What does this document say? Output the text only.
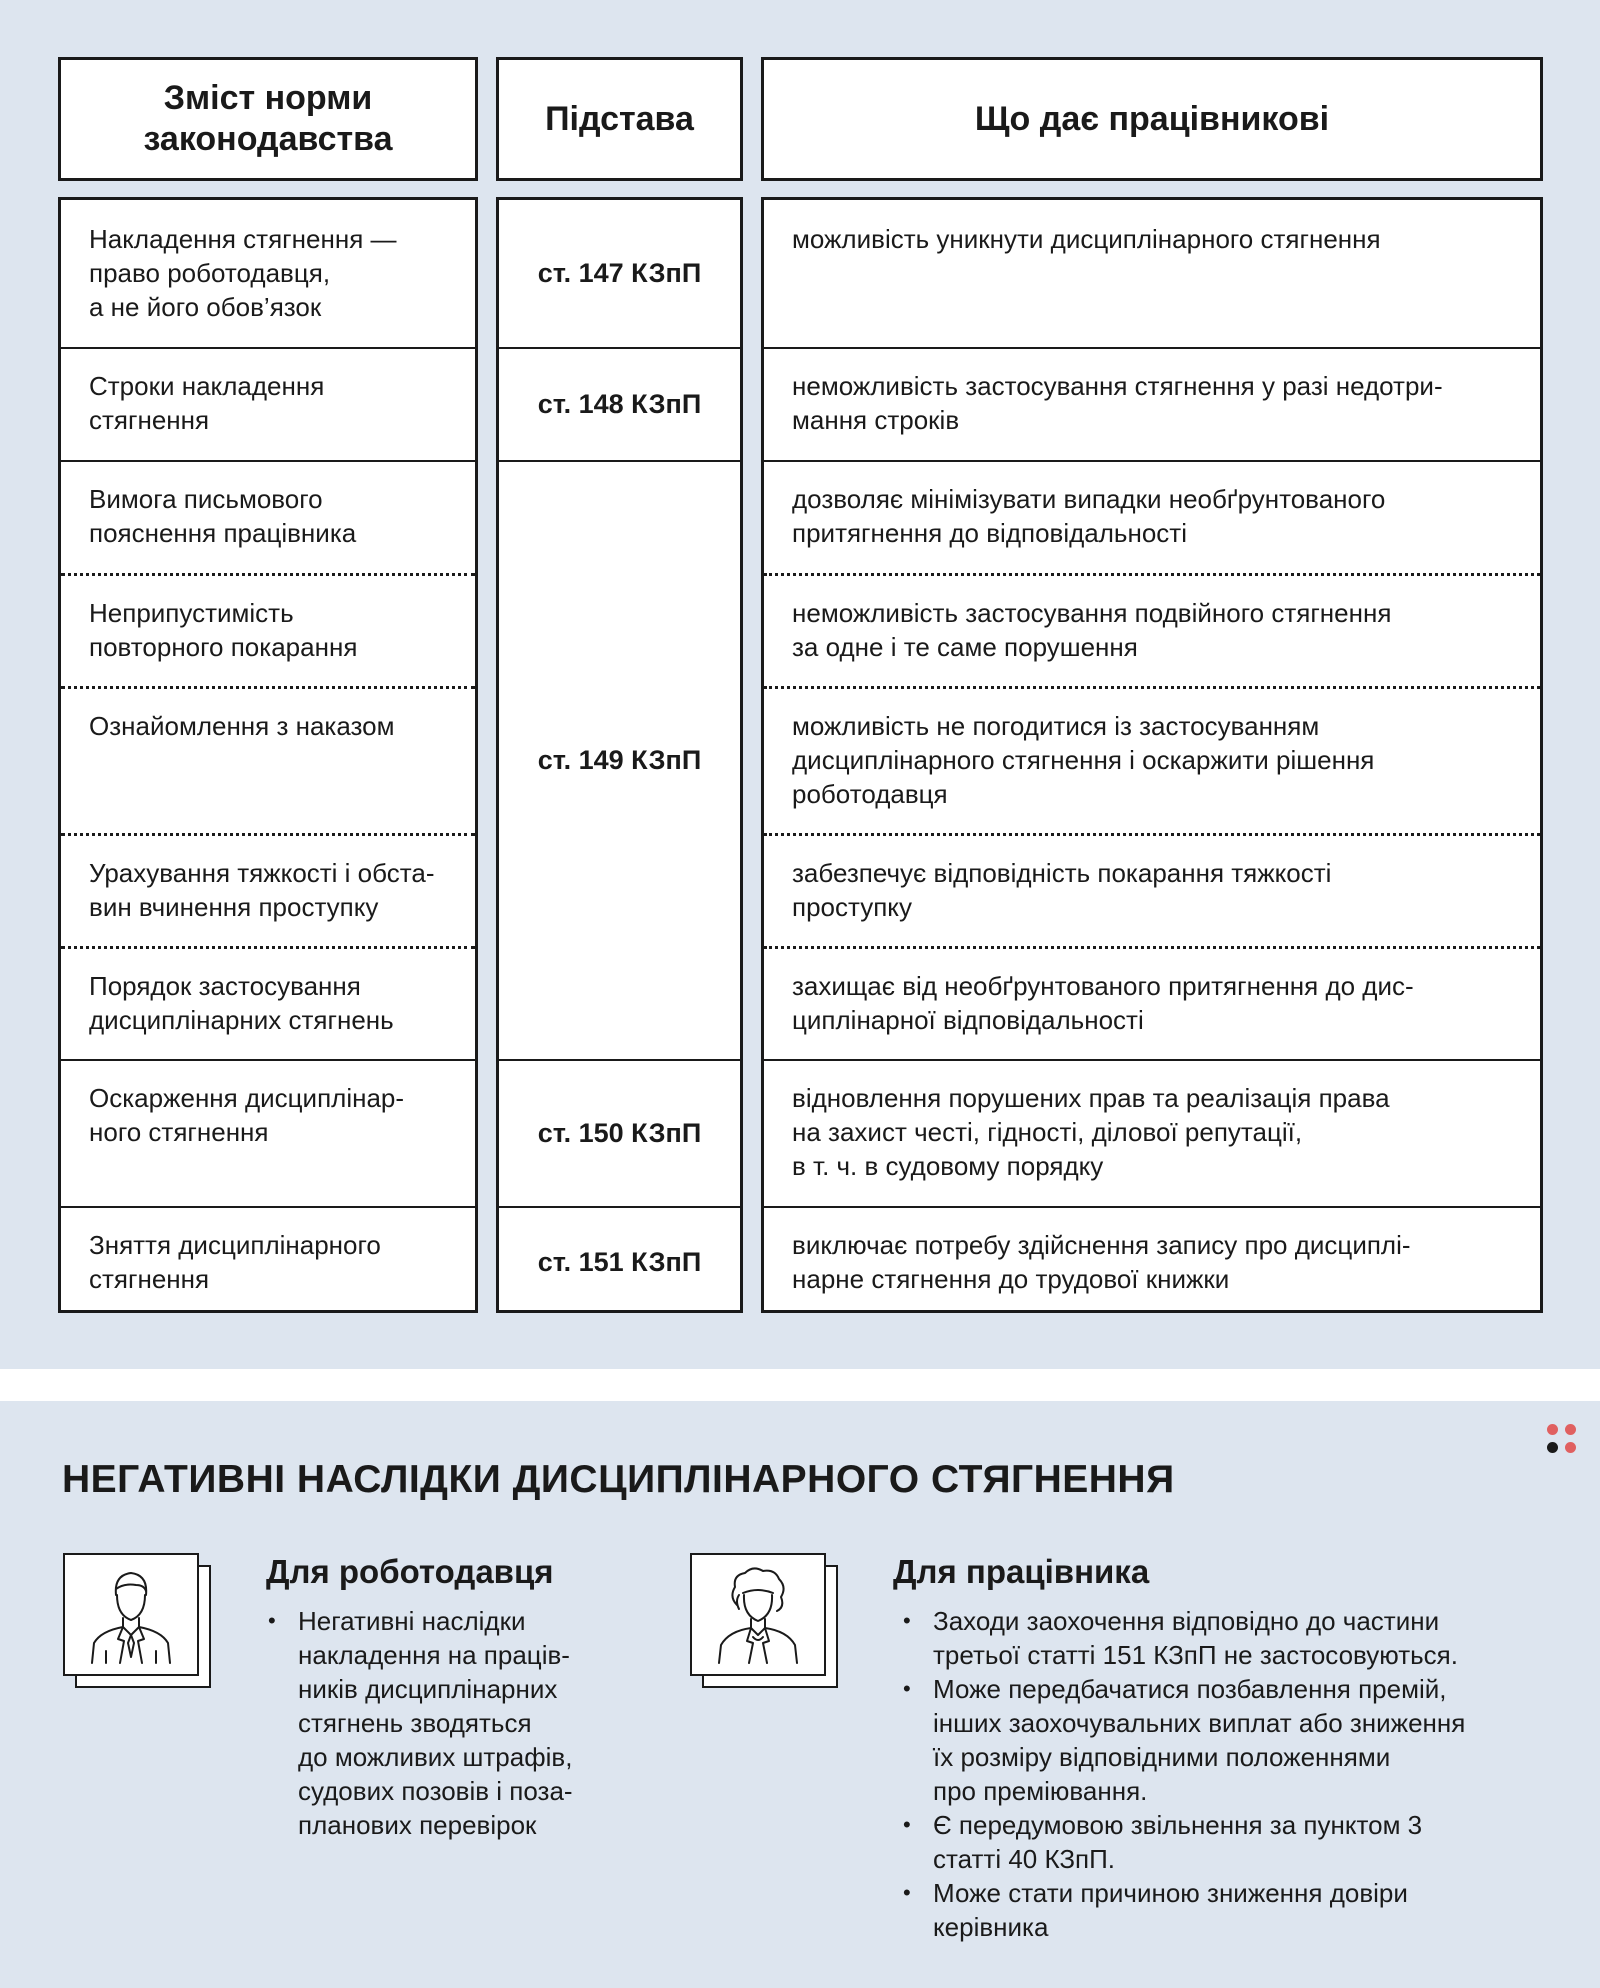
Зміст норми
законодавства
Підстава	Що дає працівникові
Накладення стягнення —
право роботодавця,
а не його обов’язок
Строки накладення
стягнення
Вимога письмового
пояснення працівника
Неприпустимість
повторного покарання
Ознайомлення з наказом
Урахування тяжкості і обста-
вин вчинення проступку
Порядок застосування
дисциплінарних стягнень
Оскарження дисциплінар-
ного стягнення
Зняття дисциплінарного
стягнення
ст. 147 КЗпП
ст. 148 КЗпП
ст. 149 КЗпП
ст. 150 КЗпП
ст. 151 КЗпП
можливість уникнути дисциплінарного стягнення
неможливість застосування стягнення у разі недотри-
мання строків
дозволяє мінімізувати випадки необґрунтованого
притягнення до відповідальності
неможливість застосування подвійного стягнення
за одне і те саме порушення
можливість не погодитися із застосуванням
дисциплінарного стягнення і оскаржити рішення
роботодавця
забезпечує відповідність покарання тяжкості
проступку
захищає від необґрунтованого притягнення до дис-
циплінарної відповідальності
відновлення порушених прав та реалізація права
на захист честі, гідності, ділової репутації,
в т. ч. в судовому порядку
виключає потребу здійснення запису про дисциплі-
нарне стягнення до трудової книжки
НЕГАТИВНІ НАСЛІДКИ ДИСЦИПЛІНАРНОГО СТЯГНЕННЯ
Для роботодавця
• Негативні наслідки
накладення на праців-
ників дисциплінарних
стягнень зводяться
до можливих штрафів,
судових позовів і поза-
планових перевірок
Для працівника
• Заходи заохочення відповідно до частини
третьої статті 151 КЗпП не застосовуються.
• Може передбачатися позбавлення премій,
інших заохочувальних виплат або зниження
їх розміру відповідними положеннями
про преміювання.
• Є передумовою звільнення за пунктом 3
статті 40 КЗпП.
• Може стати причиною зниження довіри
керівника
